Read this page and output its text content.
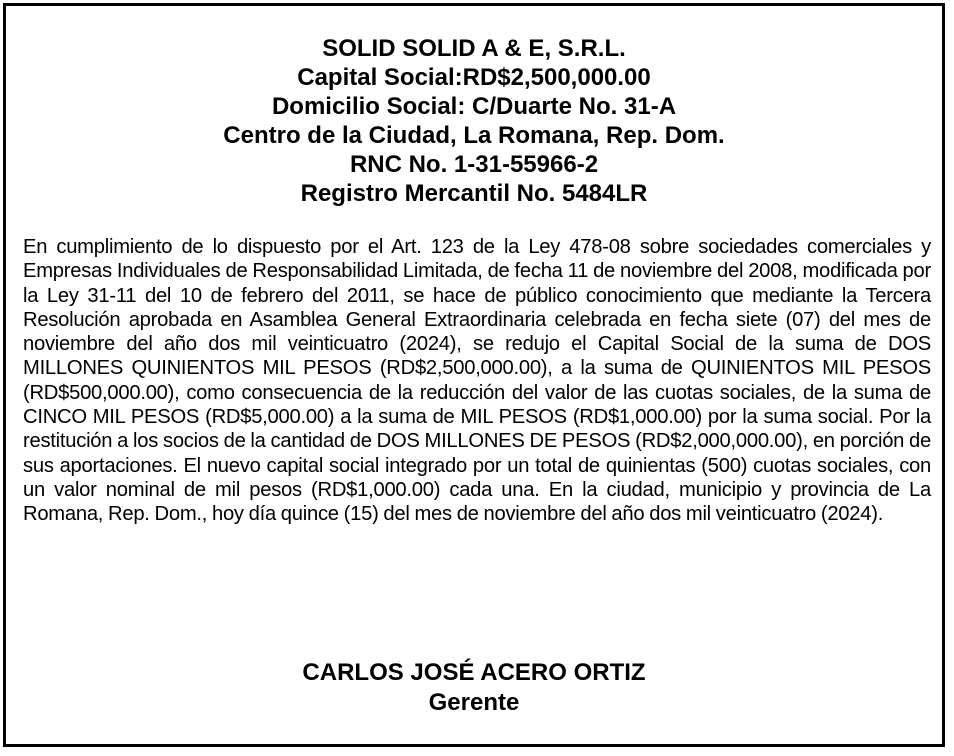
SOLID SOLID A & E, S.R.L.
Capital Social:RD$2,500,000.00
Domicilio Social: C/Duarte No. 31-A
Centro de la Ciudad, La Romana, Rep. Dom.
RNC No. 1-31-55966-2
Registro Mercantil No. 5484LR

En cumplimiento de lo dispuesto por el Art. 123 de la Ley 478-08 sobre sociedades comerciales y Empresas Individuales de Responsabilidad Limitada, de fecha 11 de noviembre del 2008, modificada por la Ley 31-11 del 10 de febrero del 2011, se hace de público conocimiento que mediante la Tercera Resolución aprobada en Asamblea General Extraordinaria celebrada en fecha siete (07) del mes de noviembre del año dos mil veinticuatro (2024), se redujo el Capital Social de la suma de DOS MILLONES QUINIENTOS MIL PESOS (RD$2,500,000.00), a la suma de QUINIENTOS MIL PESOS (RD$500,000.00), como consecuencia de la reducción del valor de las cuotas sociales, de la suma de CINCO MIL PESOS (RD$5,000.00) a la suma de MIL PESOS (RD$1,000.00) por la suma social. Por la restitución a los socios de la cantidad de DOS MILLONES DE PESOS (RD$2,000,000.00), en porción de sus aportaciones. El nuevo capital social integrado por un total de quinientas (500) cuotas sociales, con un valor nominal de mil pesos (RD$1,000.00) cada una. En la ciudad, municipio y provincia de La Romana, Rep. Dom., hoy día quince (15) del mes de noviembre del año dos mil veinticuatro (2024).

CARLOS JOSÉ ACERO ORTIZ
Gerente
